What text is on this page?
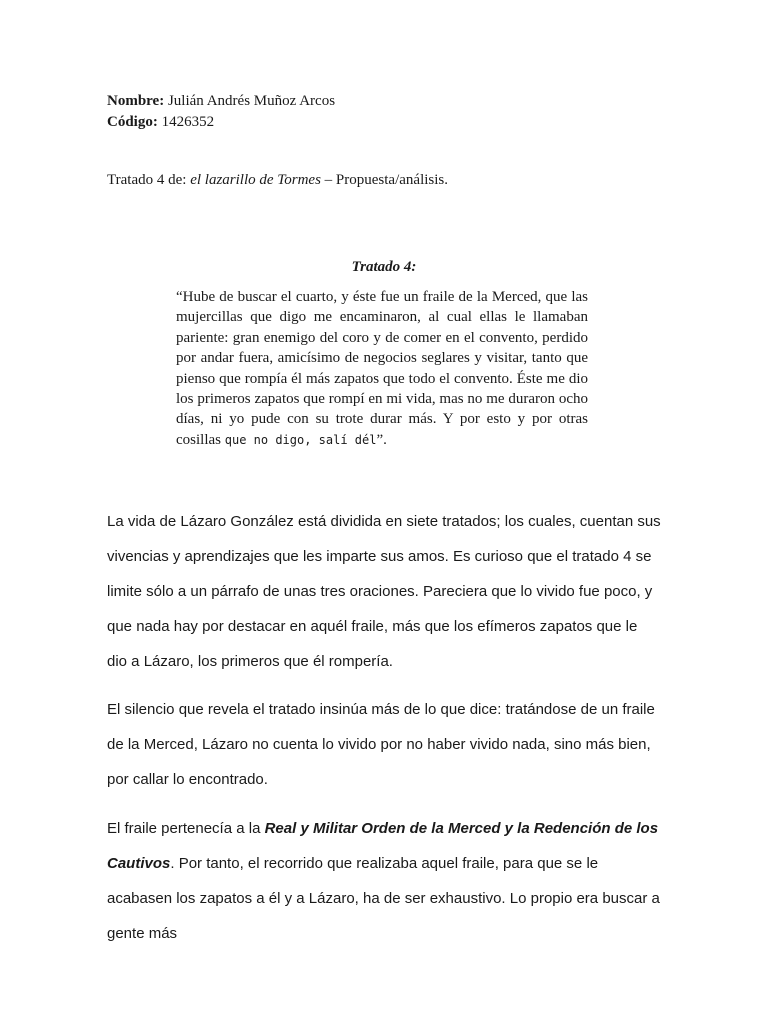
Nombre: Julián Andrés Muñoz Arcos
Código: 1426352
Tratado 4 de: el lazarillo de Tormes – Propuesta/análisis.
Tratado 4:
“Hube de buscar el cuarto, y éste fue un fraile de la Merced, que las mujercillas que digo me encaminaron, al cual ellas le llamaban pariente: gran enemigo del coro y de comer en el convento, perdido por andar fuera, amicísimo de negocios seglares y visitar, tanto que pienso que rompía él más zapatos que todo el convento. Éste me dio los primeros zapatos que rompí en mi vida, mas no me duraron ocho días, ni yo pude con su trote durar más. Y por esto y por otras cosillas que no digo, salí dél”.
La vida de Lázaro González está dividida en siete tratados; los cuales, cuentan sus vivencias y aprendizajes que les imparte sus amos. Es curioso que el tratado 4 se limite sólo a un párrafo de unas tres oraciones. Pareciera que lo vivido fue poco, y que nada hay por destacar en aquél fraile, más que los efímeros zapatos que le dio a Lázaro, los primeros que él rompería.
El silencio que revela el tratado insinúa más de lo que dice: tratándose de un fraile de la Merced, Lázaro no cuenta lo vivido por no haber vivido nada, sino más bien, por callar lo encontrado.
El fraile pertenecía a la Real y Militar Orden de la Merced y la Redención de los Cautivos. Por tanto, el recorrido que realizaba aquel fraile, para que se le acabasen los zapatos a él y a Lázaro, ha de ser exhaustivo. Lo propio era buscar a gente más
